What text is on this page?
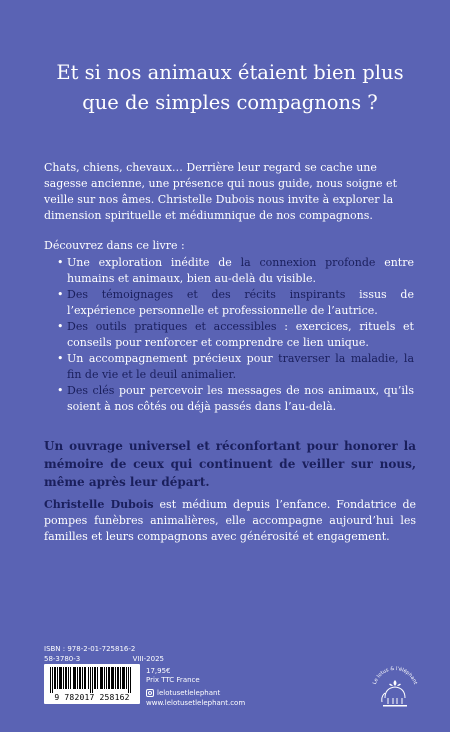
Et si nos animaux étaient bien plus
que de simples compagnons ?
Chats, chiens, chevaux… Derrière leur regard se cache une
sagesse ancienne, une présence qui nous guide, nous soigne et
veille sur nos âmes. Christelle Dubois nous invite à explorer la
dimension spirituelle et médiumnique de nos compagnons.
Découvrez dans ce livre :
• Une exploration inédite de la connexion profonde entre humains et animaux, bien au-delà du visible.
• Des témoignages et des récits inspirants issus de l’expérience personnelle et professionnelle de l’autrice.
• Des outils pratiques et accessibles : exercices, rituels et conseils pour renforcer et comprendre ce lien unique.
• Un accompagnement précieux pour traverser la maladie, la fin de vie et le deuil animalier.
• Des clés pour percevoir les messages de nos animaux, qu’ils soient à nos côtés ou déjà passés dans l’au-delà.
Un ouvrage universel et réconfortant pour honorer la mémoire de ceux qui continuent de veiller sur nous, même après leur départ.
Christelle Dubois est médium depuis l’enfance. Fondatrice de pompes funèbres animalières, elle accompagne aujourd’hui les familles et leurs compagnons avec générosité et engagement.
ISBN : 978-2-01-725816-2
58-3780-3	VIII-2025
9 782017 258162
17,95€
Prix TTC France
lelotusetlelephant
www.lelotusetlelephant.com
Le lotus & l'éléphant
